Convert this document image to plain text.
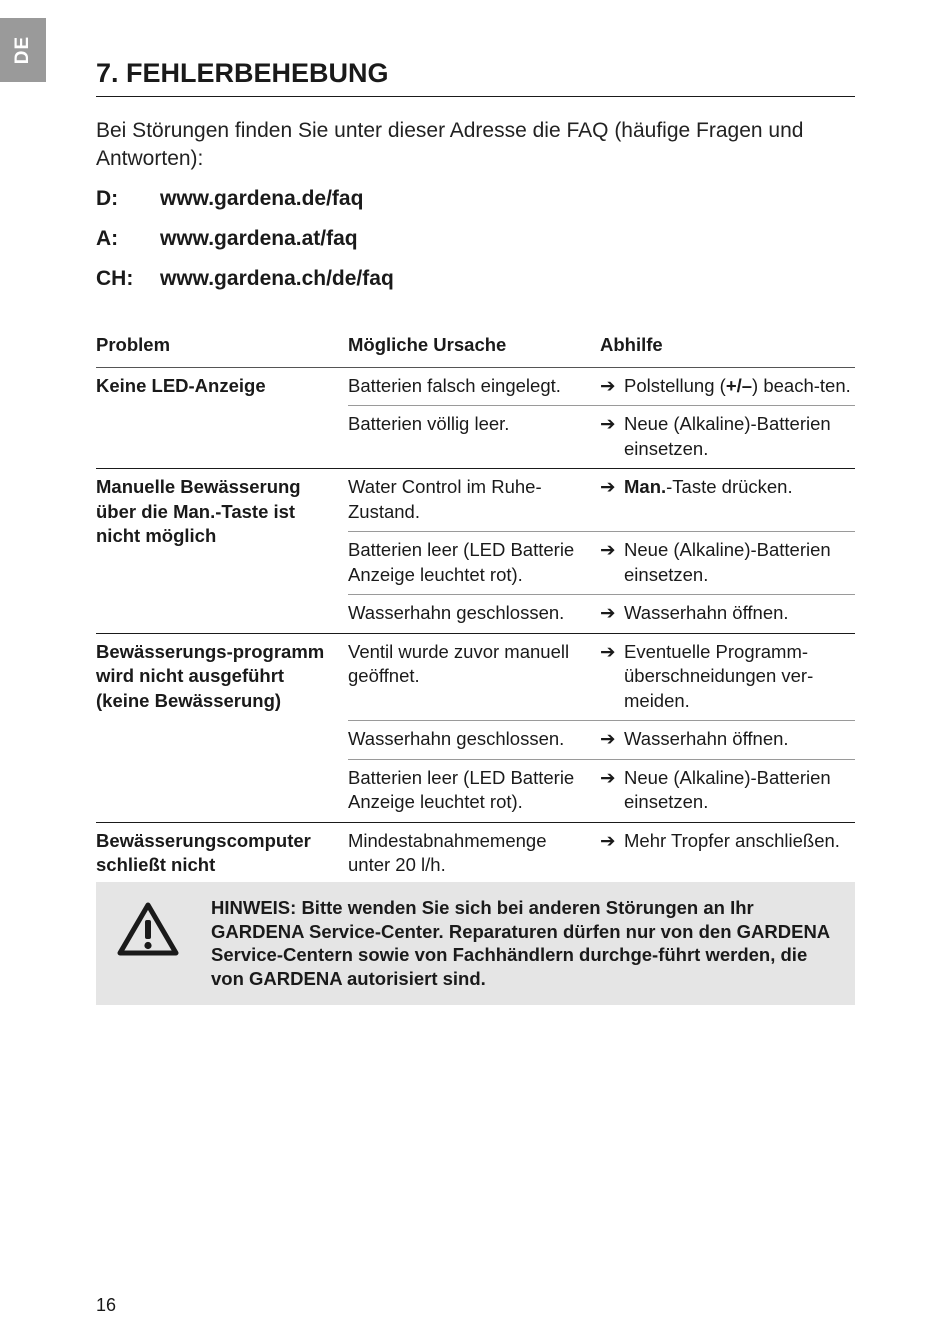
DE
7. FEHLERBEHEBUNG

Bei Störungen finden Sie unter dieser Adresse die FAQ (häufige Fragen und Antworten):

D: www.gardena.de/faq
A: www.gardena.at/faq
CH: www.gardena.ch/de/faq
Problem	Mögliche Ursache	Abhilfe
Keine LED-Anzeige	Batterien falsch eingelegt.	➔ Polstellung (+/–) beach-ten.
	Batterien völlig leer.	➔ Neue (Alkaline)-Batterien einsetzen.
Manuelle Bewässerung über die Man.-Taste ist nicht möglich	Water Control im Ruhe-Zustand.	➔ Man.-Taste drücken.
	Batterien leer (LED Batterie Anzeige leuchtet rot).	➔ Neue (Alkaline)-Batterien einsetzen.
	Wasserhahn geschlossen.	➔ Wasserhahn öffnen.
Bewässerungs-programm wird nicht ausgeführt (keine Bewässerung)	Ventil wurde zuvor manuell geöffnet.	➔ Eventuelle Programm-überschneidungen ver-meiden.
	Wasserhahn geschlossen.	➔ Wasserhahn öffnen.
	Batterien leer (LED Batterie Anzeige leuchtet rot).	➔ Neue (Alkaline)-Batterien einsetzen.
Bewässerungscomputer schließt nicht	Mindestabnahmemenge unter 20 l/h.	➔ Mehr Tropfer anschließen.

HINWEIS: Bitte wenden Sie sich bei anderen Störungen an Ihr GARDENA Service-Center. Reparaturen dürfen nur von den GARDENA Service-Centern sowie von Fachhändlern durchge-führt werden, die von GARDENA autorisiert sind.

16
